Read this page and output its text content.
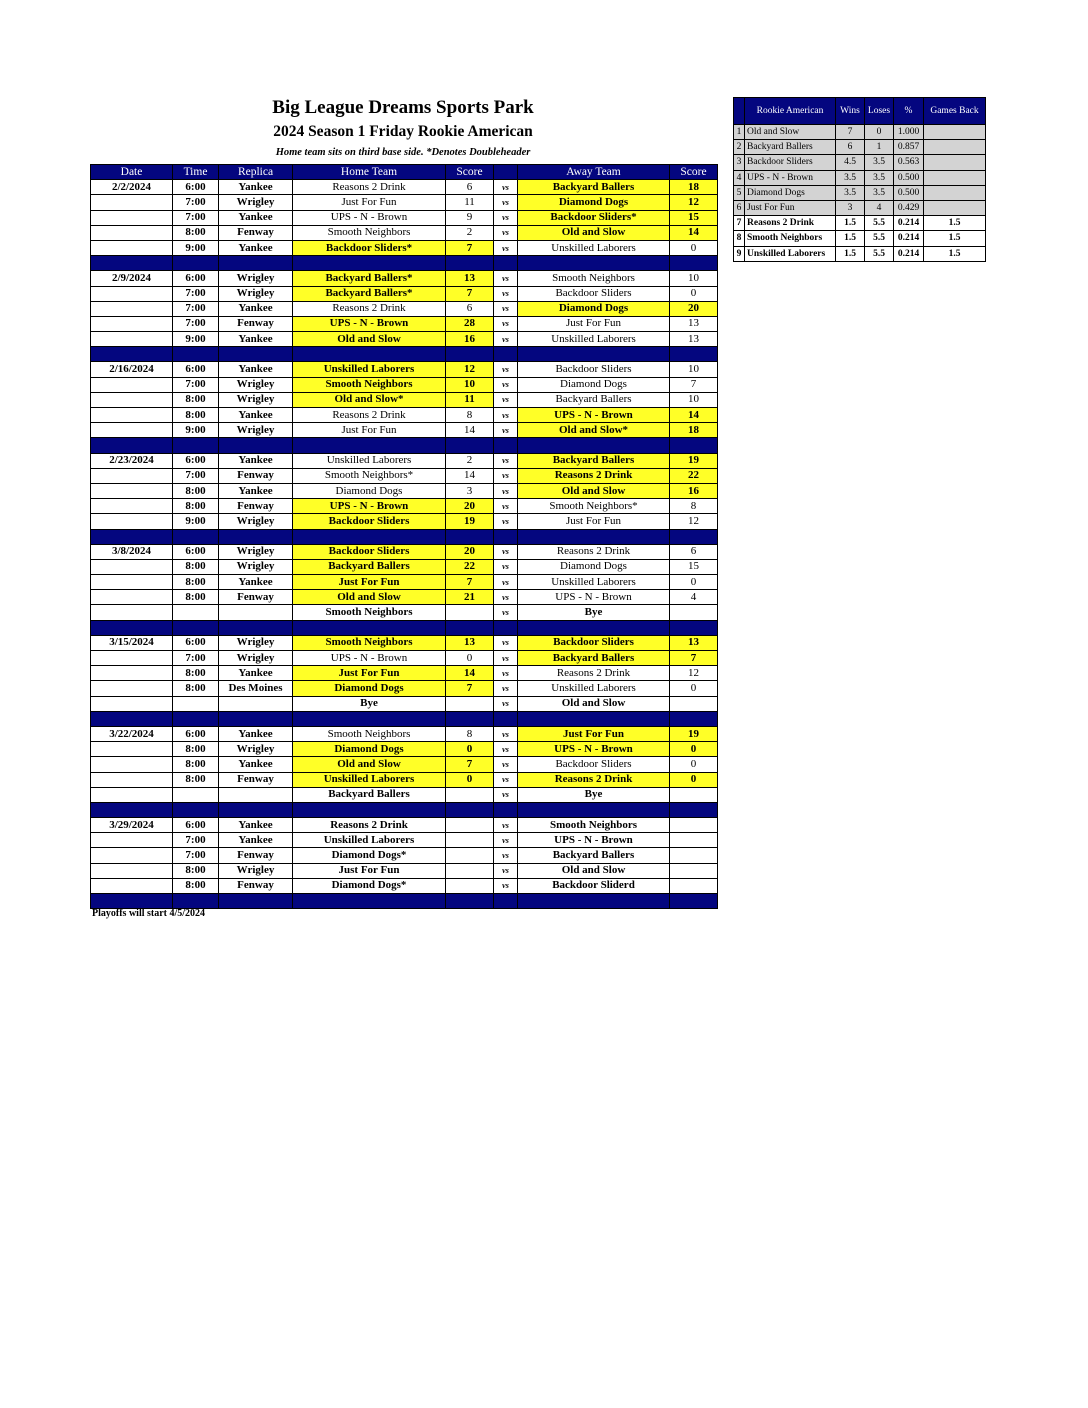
Big League Dreams Sports Park
2024 Season 1 Friday Rookie American
Home team sits on third base side. *Denotes Doubleheader
Date	Time	Replica	Home Team	Score		Away Team	Score
2/2/2024	6:00	Yankee	Reasons 2 Drink	6	vs	Backyard Ballers	18
	7:00	Wrigley	Just For Fun	11	vs	Diamond Dogs	12
	7:00	Yankee	UPS - N - Brown	9	vs	Backdoor Sliders*	15
	8:00	Fenway	Smooth Neighbors	2	vs	Old and Slow	14
	9:00	Yankee	Backdoor Sliders*	7	vs	Unskilled Laborers	0

2/9/2024	6:00	Wrigley	Backyard Ballers*	13	vs	Smooth Neighbors	10
	7:00	Wrigley	Backyard Ballers*	7	vs	Backdoor Sliders	0
	7:00	Yankee	Reasons 2 Drink	6	vs	Diamond Dogs	20
	7:00	Fenway	UPS - N - Brown	28	vs	Just For Fun	13
	9:00	Yankee	Old and Slow	16	vs	Unskilled Laborers	13

2/16/2024	6:00	Yankee	Unskilled Laborers	12	vs	Backdoor Sliders	10
	7:00	Wrigley	Smooth Neighbors	10	vs	Diamond Dogs	7
	8:00	Wrigley	Old and Slow*	11	vs	Backyard Ballers	10
	8:00	Yankee	Reasons 2 Drink	8	vs	UPS - N - Brown	14
	9:00	Wrigley	Just For Fun	14	vs	Old and Slow*	18

2/23/2024	6:00	Yankee	Unskilled Laborers	2	vs	Backyard Ballers	19
	7:00	Fenway	Smooth Neighbors*	14	vs	Reasons 2 Drink	22
	8:00	Yankee	Diamond Dogs	3	vs	Old and Slow	16
	8:00	Fenway	UPS - N - Brown	20	vs	Smooth Neighbors*	8
	9:00	Wrigley	Backdoor Sliders	19	vs	Just For Fun	12

3/8/2024	6:00	Wrigley	Backdoor Sliders	20	vs	Reasons 2 Drink	6
	8:00	Wrigley	Backyard Ballers	22	vs	Diamond Dogs	15
	8:00	Yankee	Just For Fun	7	vs	Unskilled Laborers	0
	8:00	Fenway	Old and Slow	21	vs	UPS - N - Brown	4
			Smooth Neighbors		vs	Bye	

3/15/2024	6:00	Wrigley	Smooth Neighbors	13	vs	Backdoor Sliders	13
	7:00	Wrigley	UPS - N - Brown	0	vs	Backyard Ballers	7
	8:00	Yankee	Just For Fun	14	vs	Reasons 2 Drink	12
	8:00	Des Moines	Diamond Dogs	7	vs	Unskilled Laborers	0
			Bye		vs	Old and Slow	

3/22/2024	6:00	Yankee	Smooth Neighbors	8	vs	Just For Fun	19
	8:00	Wrigley	Diamond Dogs	0	vs	UPS - N - Brown	0
	8:00	Yankee	Old and Slow	7	vs	Backdoor Sliders	0
	8:00	Fenway	Unskilled Laborers	0	vs	Reasons 2 Drink	0
			Backyard Ballers		vs	Bye	

3/29/2024	6:00	Yankee	Reasons 2 Drink		vs	Smooth Neighbors	
	7:00	Yankee	Unskilled Laborers		vs	UPS - N - Brown	
	7:00	Fenway	Diamond Dogs*		vs	Backyard Ballers	
	8:00	Wrigley	Just For Fun		vs	Old and Slow	
	8:00	Fenway	Diamond Dogs*		vs	Backdoor Sliderd	

Playoffs will start 4/5/2024
	Rookie American	Wins	Loses	%	Games Back
1	Old and Slow	7	0	1.000	
2	Backyard Ballers	6	1	0.857	
3	Backdoor Sliders	4.5	3.5	0.563	
4	UPS - N - Brown	3.5	3.5	0.500	
5	Diamond Dogs	3.5	3.5	0.500	
6	Just For Fun	3	4	0.429	
7	Reasons 2 Drink	1.5	5.5	0.214	1.5
8	Smooth Neighbors	1.5	5.5	0.214	1.5
9	Unskilled Laborers	1.5	5.5	0.214	1.5
